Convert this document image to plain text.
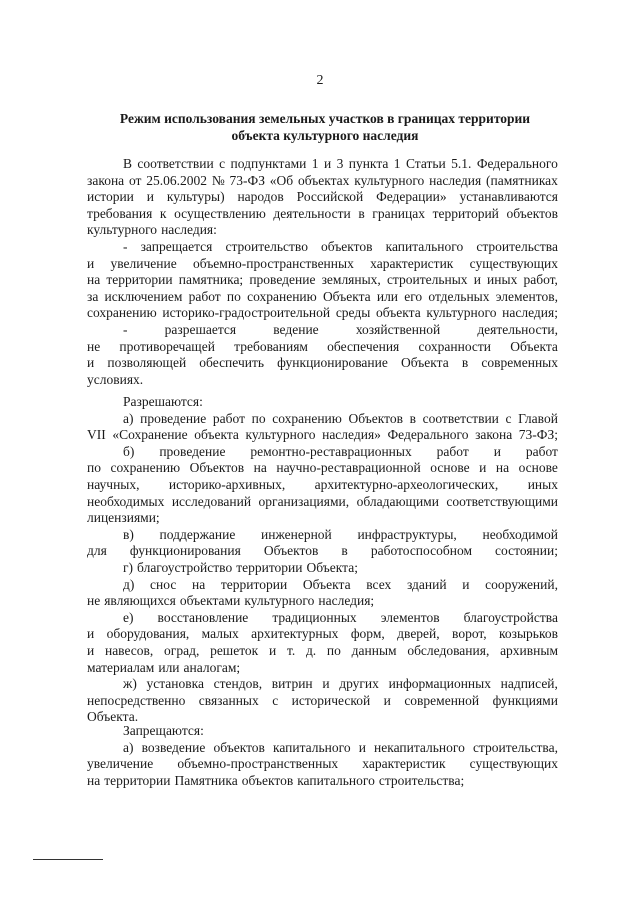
2
Режим использования земельных участков в границах территории
объекта культурного наследия
В соответствии с подпунктами 1 и 3 пункта 1 Статьи 5.1. Федерального
закона от 25.06.2002 № 73-ФЗ «Об объектах культурного наследия (памятниках
истории и культуры) народов Российской Федерации» устанавливаются
требования к осуществлению деятельности в границах территорий объектов
культурного наследия:
- запрещается строительство объектов капитального строительства
и увеличение объемно-пространственных характеристик существующих
на территории памятника; проведение земляных, строительных и иных работ,
за исключением работ по сохранению Объекта или его отдельных элементов,
сохранению историко-градостроительной среды объекта культурного наследия;
-	разрешается	ведение	хозяйственной	деятельности,
не противоречащей требованиям обеспечения сохранности Объекта
и позволяющей обеспечить функционирование Объекта в современных
условиях.
Разрешаются:
а) проведение работ по сохранению Объектов в соответствии с Главой
VII «Сохранение объекта культурного наследия» Федерального закона 73-ФЗ;
б) проведение ремонтно-реставрационных работ и работ
по сохранению Объектов на научно-реставрационной основе и на основе
научных, историко-архивных, архитектурно-археологических, иных
необходимых исследований организациями, обладающими соответствующими
лицензиями;
в) поддержание инженерной инфраструктуры, необходимой
для функционирования Объектов в работоспособном состоянии;
г) благоустройство территории Объекта;
д) снос на территории Объекта всех зданий и сооружений,
не являющихся объектами культурного наследия;
е) восстановление традиционных элементов благоустройства
и оборудования, малых архитектурных форм, дверей, ворот, козырьков
и навесов, оград, решеток и т. д. по данным обследования, архивным
материалам или аналогам;
ж) установка стендов, витрин и других информационных надписей,
непосредственно связанных с исторической и современной функциями
Объекта.
Запрещаются:
а) возведение объектов капитального и некапитального строительства,
увеличение объемно-пространственных характеристик существующих
на территории Памятника объектов капитального строительства;
